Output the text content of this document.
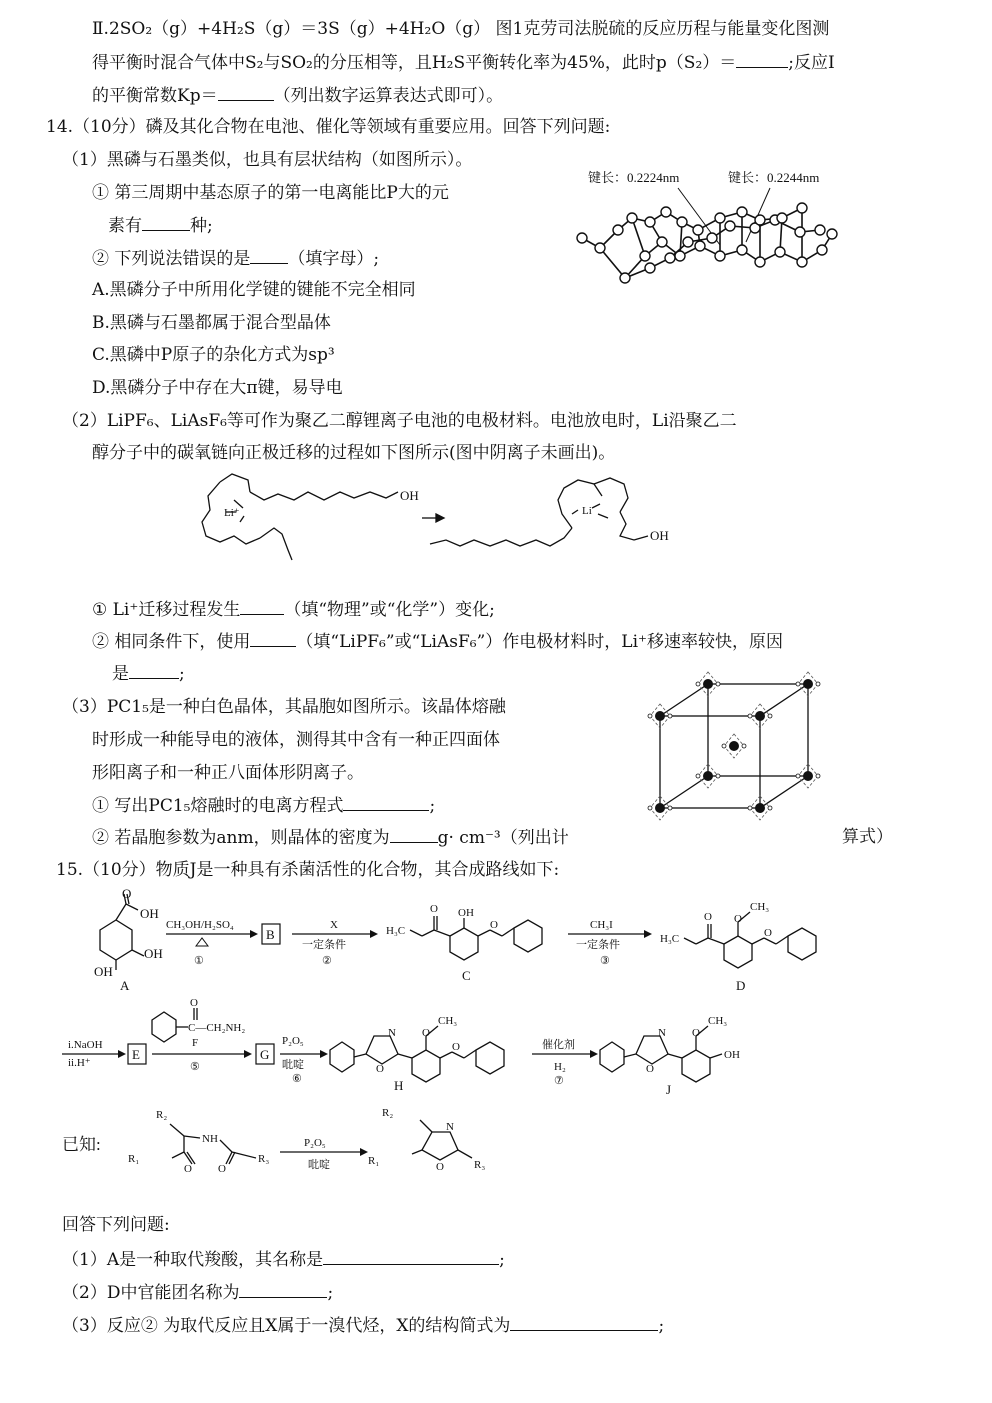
Ⅱ.2SO₂（g）+4H₂S（g）＝3S（g）+4H₂O（g） 图1克劳司法脱硫的反应历程与能量变化图测
得平衡时混合气体中S₂与SO₂的分压相等，且H₂S平衡转化率为45%，此时p（S₂）＝	;反应I
的平衡常数Kp＝	（列出数字运算表达式即可）。
14.（10分）磷及其化合物在电池、催化等领域有重要应用。回答下列问题:
（1）黑磷与石墨类似，也具有层状结构（如图所示）。
① 第三周期中基态原子的第一电离能比P大的元
素有	种;
② 下列说法错误的是 （填字母）;
A.黑磷分子中所用化学键的键能不完全相同
B.黑磷与石墨都属于混合型晶体
C.黑磷中P原子的杂化方式为sp³
D.黑磷分子中存在大π键，易导电
键长：0.2224nm	键长：0.2244nm
（2）LiPF₆、LiAsF₆等可作为聚乙二醇锂离子电池的电极材料。电池放电时，Li沿聚乙二
醇分子中的碳氧链向正极迁移的过程如下图所示(图中阴离子未画出)。
Li⁺
OH
Li
OH
① Li⁺迁移过程发生	（填“物理”或“化学”）变化;
② 相同条件下，使用	（填“LiPF₆”或“LiAsF₆”）作电极材料时，Li⁺移速率较快，原因
是	;
（3）PC1₅是一种白色晶体，其晶胞如图所示。该晶体熔融
时形成一种能导电的液体，测得其中含有一种正四面体
形阳离子和一种正八面体形阴离子。
① 写出PC1₅熔融时的电离方程式	;
② 若晶胞参数为anm，则晶体的密度为	g· cm⁻³（列出计	算式）
15.（10分）物质J是一种具有杀菌活性的化合物，其合成路线如下:
O
OH
OH
OH
A
CH₃OH/H₂SO₄
①
B
X
一定条件
②
H₃C
O OH
O
C
CH₃I
一定条件
③
H₃C
O O
CH₃
O
D
i.NaOH
ii.H⁺
E
O
C—CH₂NH₂
F
⑤
G
P₂O₅
吡啶
⑥
N
O
O
CH₃
O
H
催化剂
H₂
⑦
N
O
O
CH₃
OH
J
已知:
R₂
R₁
O
NH
O
R₃
P₂O₅
吡啶
R₂
R₁
N
O	R₃
回答下列问题:
（1）A是一种取代羧酸，其名称是	;
（2）D中官能团名称为	;
（3）反应② 为取代反应且X属于一溴代烃，X的结构简式为	;
